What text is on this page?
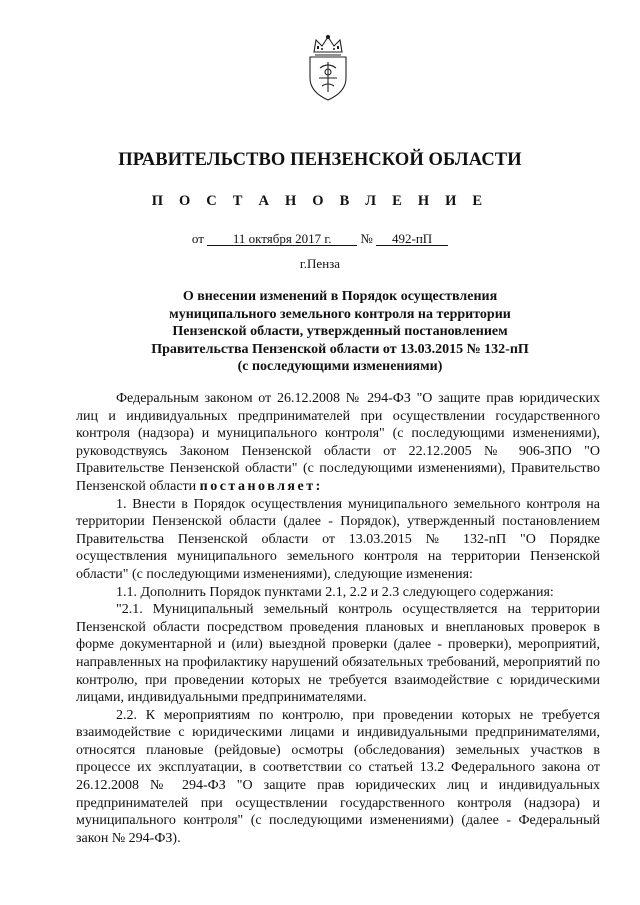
ПРАВИТЕЛЬСТВО ПЕНЗЕНСКОЙ ОБЛАСТИ
П О С Т А Н О В Л Е Н И Е
от 11 октября 2017 г. № 492-пП
г.Пенза
О внесении изменений в Порядок осуществления
муниципального земельного контроля на территории
Пензенской области, утвержденный постановлением
Правительства Пензенской области от 13.03.2015 № 132-пП
(с последующими изменениями)

Федеральным законом от 26.12.2008 № 294-ФЗ "О защите прав юридических лиц и индивидуальных предпринимателей при осуществлении государственного контроля (надзора) и муниципального контроля" (с последующими изменениями), руководствуясь Законом Пензенской области от 22.12.2005 № 906-ЗПО "О Правительстве Пензенской области" (с последующими изменениями), Правительство Пензенской области постановляет:

1. Внести в Порядок осуществления муниципального земельного контроля на территории Пензенской области (далее - Порядок), утвержденный постановлением Правительства Пензенской области от 13.03.2015 № 132-пП "О Порядке осуществления муниципального земельного контроля на территории Пензенской области" (с последующими изменениями), следующие изменения:

1.1. Дополнить Порядок пунктами 2.1, 2.2 и 2.3 следующего содержания:

"2.1. Муниципальный земельный контроль осуществляется на территории Пензенской области посредством проведения плановых и внеплановых проверок в форме документарной и (или) выездной проверки (далее - проверки), мероприятий, направленных на профилактику нарушений обязательных требований, мероприятий по контролю, при проведении которых не требуется взаимодействие с юридическими лицами, индивидуальными предпринимателями.

2.2. К мероприятиям по контролю, при проведении которых не требуется взаимодействие с юридическими лицами и индивидуальными предпринимателями, относятся плановые (рейдовые) осмотры (обследования) земельных участков в процессе их эксплуатации, в соответствии со статьей 13.2 Федерального закона от 26.12.2008 № 294-ФЗ "О защите прав юридических лиц и индивидуальных предпринимателей при осуществлении государственного контроля (надзора) и муниципального контроля" (с последующими изменениями) (далее - Федеральный закон № 294-ФЗ).
